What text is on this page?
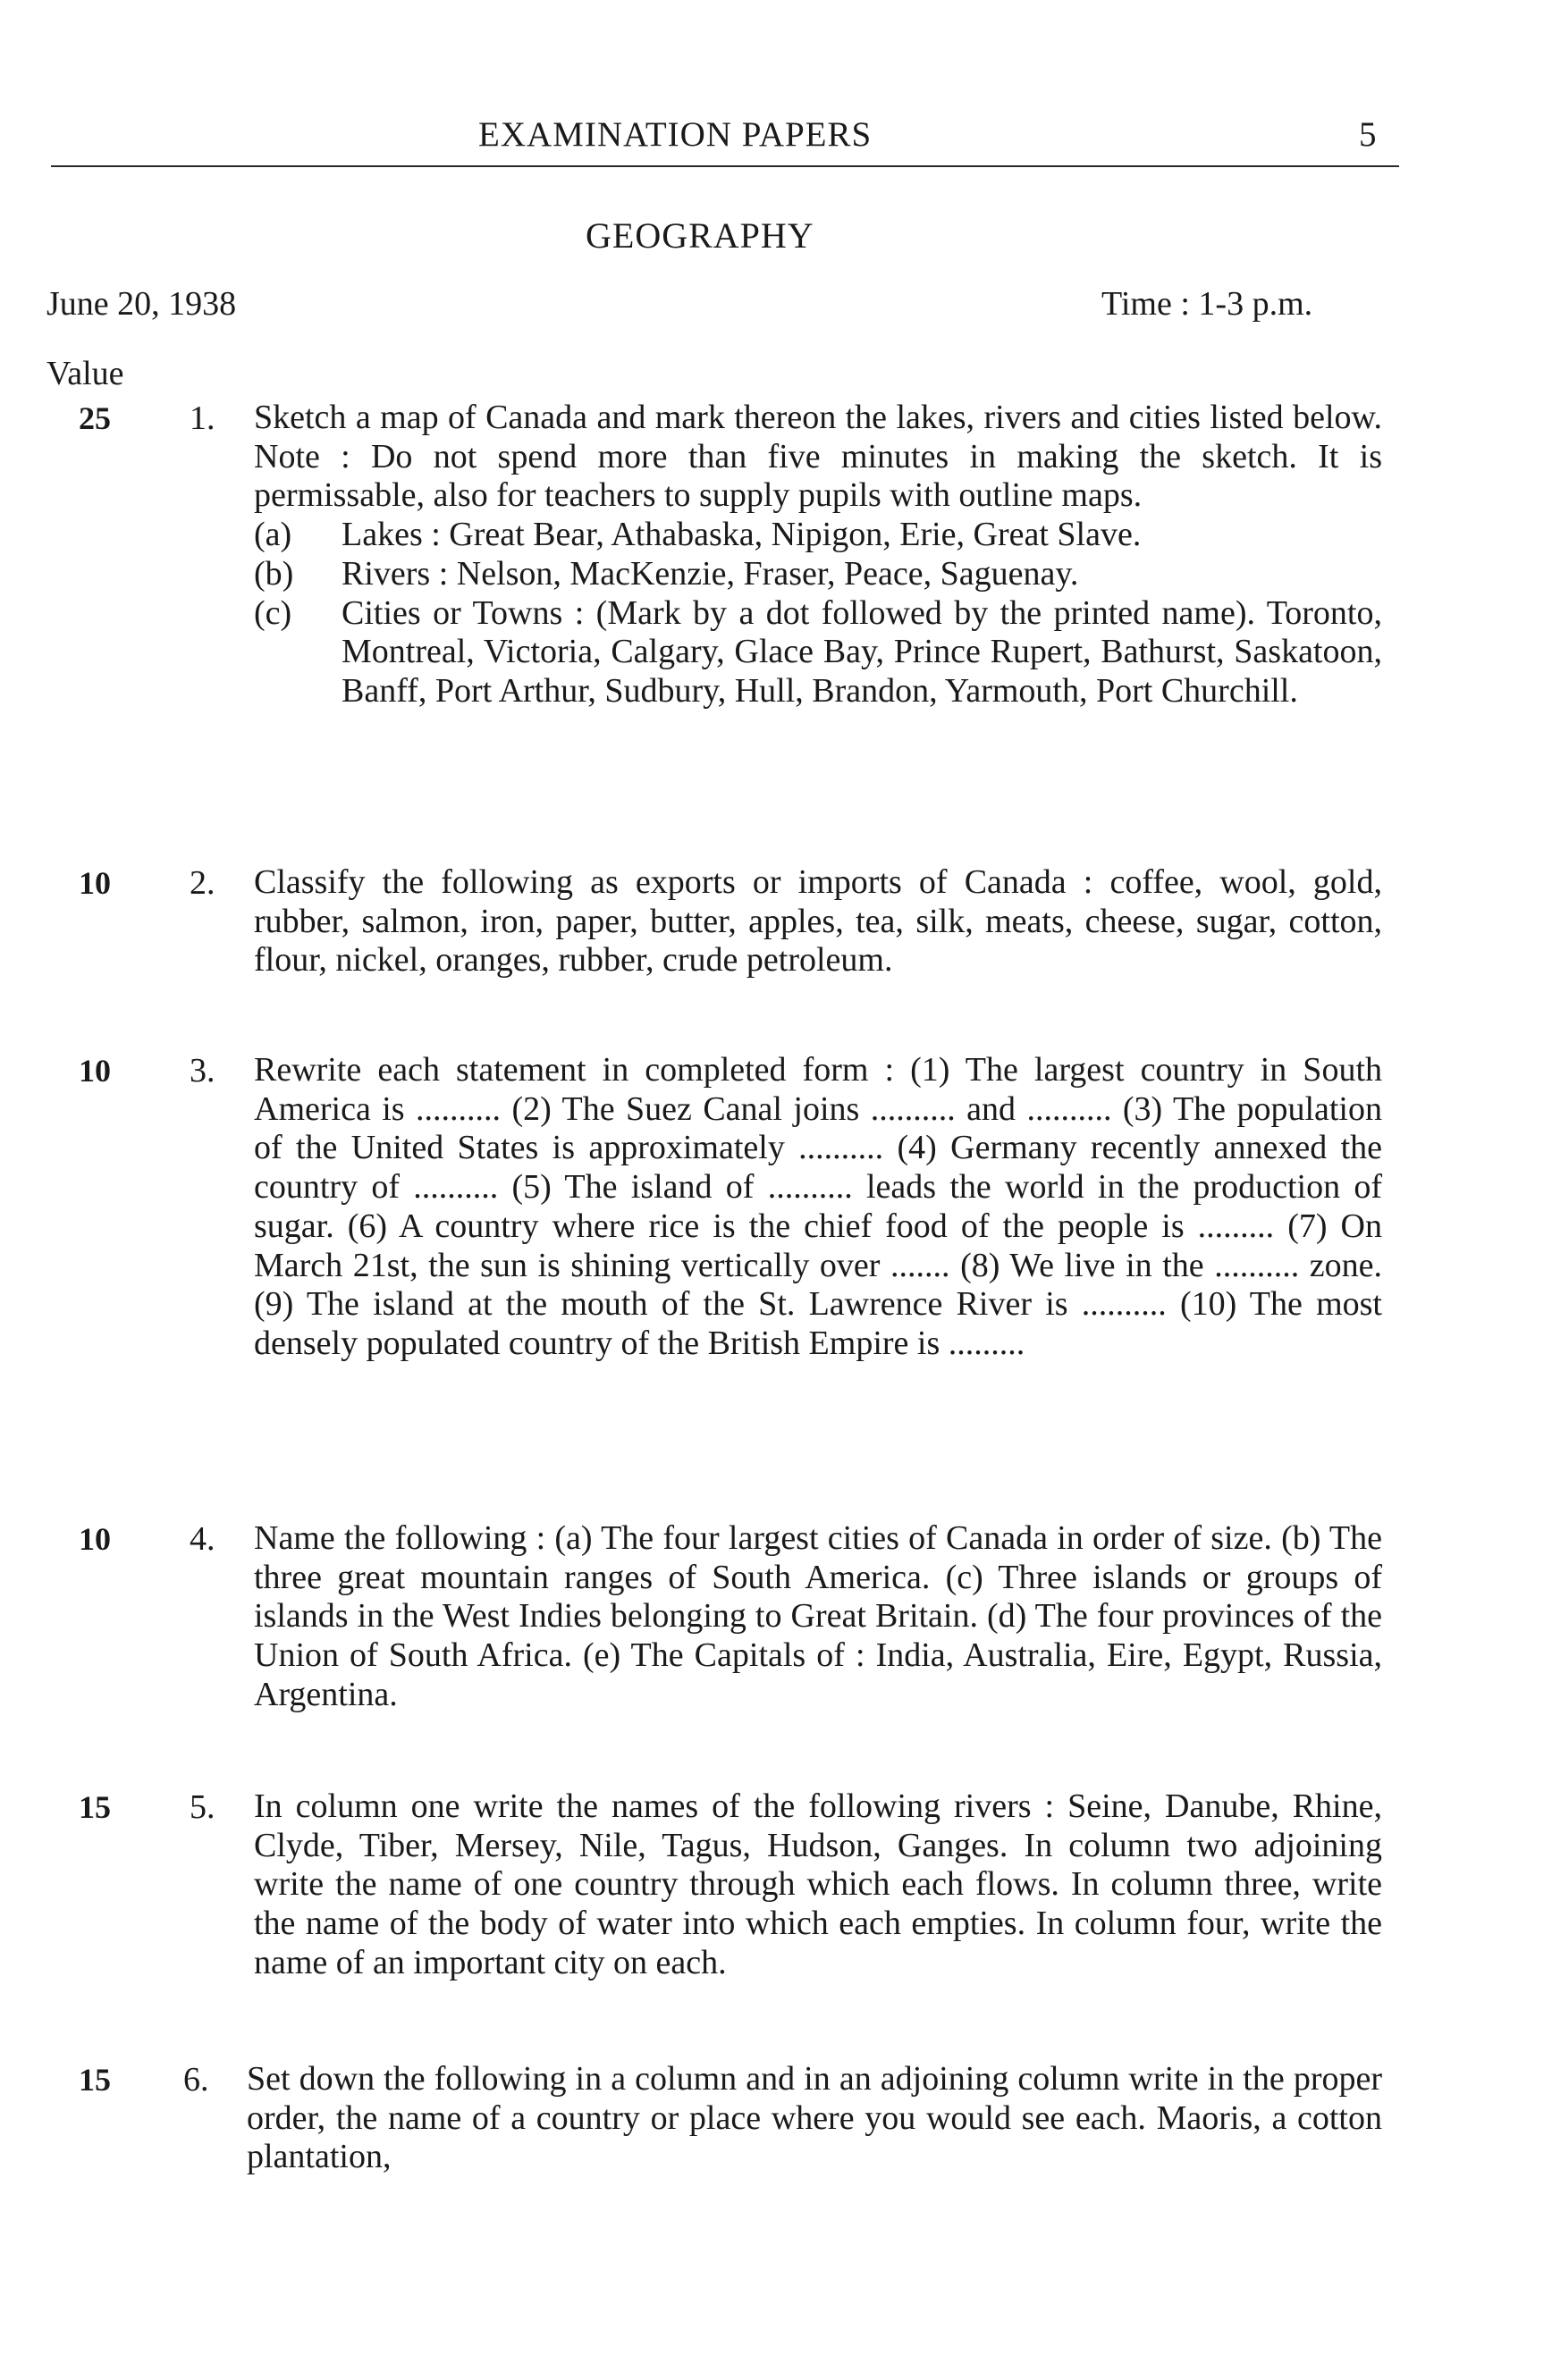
EXAMINATION PAPERS	5
GEOGRAPHY
June 20, 1938	Time : 1-3 p.m.
Value
25 1. Sketch a map of Canada and mark thereon the lakes, rivers and cities listed below. Note : Do not spend more than five minutes in making the sketch. It is permissable, also for teachers to supply pupils with outline maps.

(a)	Lakes : Great Bear, Athabaska, Nipigon, Erie, Great Slave.
(b)	Rivers : Nelson, MacKenzie, Fraser, Peace, Saguenay.
(c)	Cities or Towns : (Mark by a dot followed by the printed name). Toronto, Montreal, Victoria, Calgary, Glace Bay, Prince Rupert, Bathurst, Saskatoon, Banff, Port Arthur, Sudbury, Hull, Brandon, Yarmouth, Port Churchill.
10 2. Classify the following as exports or imports of Canada : coffee, wool, gold, rubber, salmon, iron, paper, butter, apples, tea, silk, meats, cheese, sugar, cotton, flour, nickel, oranges, rubber, crude petroleum.

10 3. Rewrite each statement in completed form : (1) The largest country in South America is .......... (2) The Suez Canal joins .......... and .......... (3) The population of the United States is approximately .......... (4) Germany recently annexed the country of .......... (5) The island of .......... leads the world in the production of sugar. (6) A country where rice is the chief food of the people is ......... (7) On March 21st, the sun is shining vertically over ....... (8) We live in the .......... zone. (9) The island at the mouth of the St. Lawrence River is .......... (10) The most densely populated country of the British Empire is .........

10 4. Name the following : (a) The four largest cities of Canada in order of size. (b) The three great mountain ranges of South America. (c) Three islands or groups of islands in the West Indies belonging to Great Britain. (d) The four provinces of the Union of South Africa. (e) The Capitals of : India, Australia, Eire, Egypt, Russia, Argentina.

15 5. In column one write the names of the following rivers : Seine, Danube, Rhine, Clyde, Tiber, Mersey, Nile, Tagus, Hudson, Ganges. In column two adjoining write the name of one country through which each flows. In column three, write the name of the body of water into which each empties. In column four, write the name of an important city on each.

15 6. Set down the following in a column and in an adjoining column write in the proper order, the name of a country or place where you would see each. Maoris, a cotton plantation,
